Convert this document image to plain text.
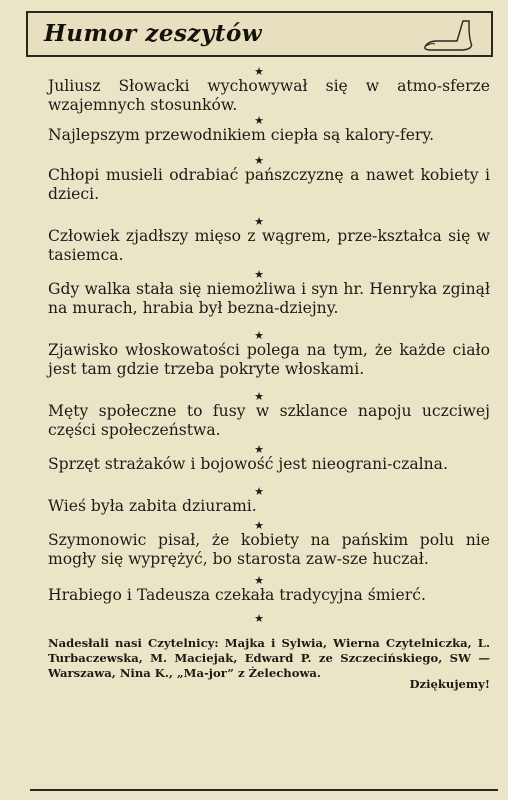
Humor zeszytów
★

Juliusz Słowacki wychowywał się w atmo-sferze wzajemnych stosunków.

★

Najlepszym przewodnikiem ciepła są kalory-fery.

★

Chłopi musieli odrabiać pańszczyznę a nawet kobiety i dzieci.

★

Człowiek zjadłszy mięso z wągrem, prze-kształca się w tasiemca.

★

Gdy walka stała się niemożliwa i syn hr. Henryka zginął na murach, hrabia był bezna-dziejny.

★

Zjawisko włoskowatości polega na tym, że każde ciało jest tam gdzie trzeba pokryte włoskami.

★

Męty społeczne to fusy w szklance napoju uczciwej części społeczeństwa.

★

Sprzęt strażaków i bojowość jest nieograni-czalna.

★

Wieś była zabita dziurami.

★

Szymonowic pisał, że kobiety na pańskim polu nie mogły się wyprężyć, bo starosta zaw-sze huczał.

★

Hrabiego i Tadeusza czekała tradycyjna śmierć.

★

Nadesłali nasi Czytelnicy: Majka i Sylwia, Wierna Czytelniczka, L. Turbaczewska, M. Maciejak, Edward P. ze Szczecińskiego, SW — Warszawa, Nina K., „Ma-jor” z Żelechowa.

Dziękujemy!
